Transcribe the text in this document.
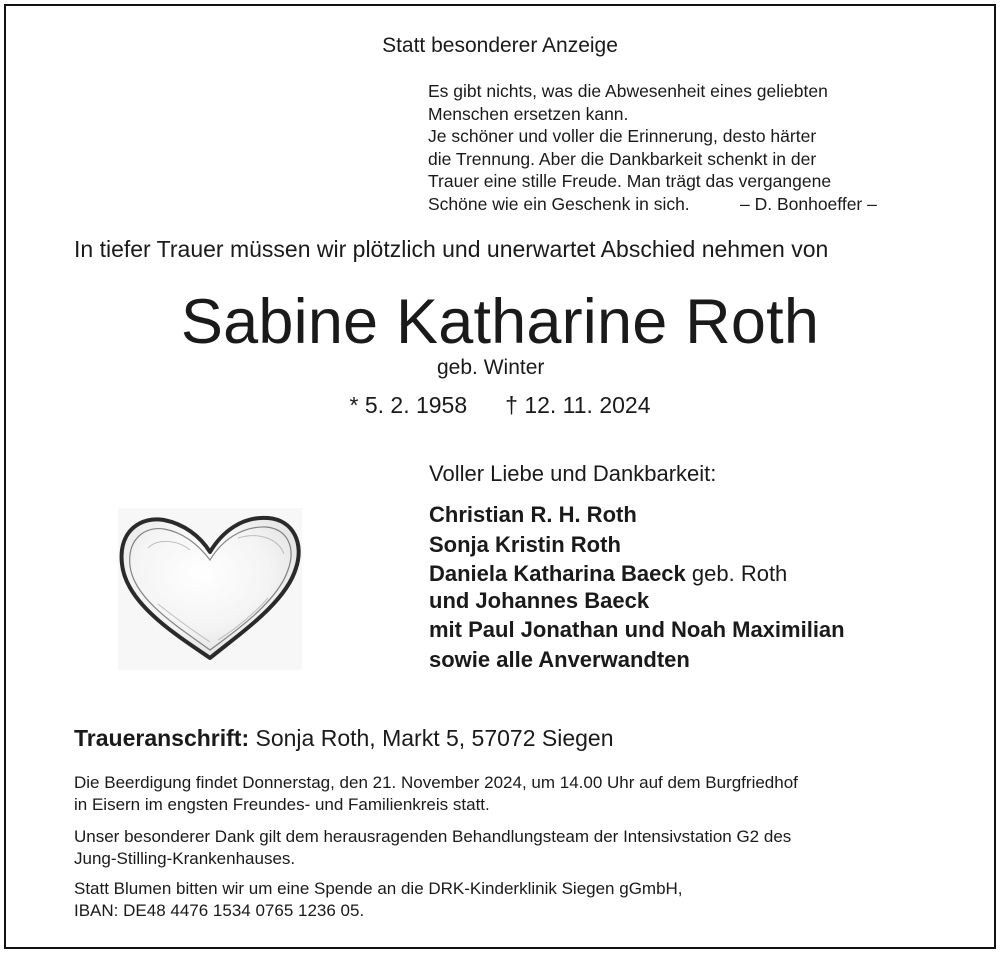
Statt besonderer Anzeige

Es gibt nichts, was die Abwesenheit eines geliebten
Menschen ersetzen kann.
Je schöner und voller die Erinnerung, desto härter
die Trennung. Aber die Dankbarkeit schenkt in der
Trauer eine stille Freude. Man trägt das vergangene
Schöne wie ein Geschenk in sich.	– D. Bonhoeffer –

In tiefer Trauer müssen wir plötzlich und unerwartet Abschied nehmen von

Sabine Katharine Roth

geb. Winter

* 5. 2. 1958 † 12. 11. 2024

Voller Liebe und Dankbarkeit:

Christian R. H. Roth
Sonja Kristin Roth
Daniela Katharina Baeck geb. Roth
und Johannes Baeck
mit Paul Jonathan und Noah Maximilian
sowie alle Anverwandten

Traueranschrift: Sonja Roth, Markt 5, 57072 Siegen

Die Beerdigung findet Donnerstag, den 21. November 2024, um 14.00 Uhr auf dem Burgfriedhof
in Eisern im engsten Freundes- und Familienkreis statt.
Unser besonderer Dank gilt dem herausragenden Behandlungsteam der Intensivstation G2 des
Jung-Stilling-Krankenhauses.
Statt Blumen bitten wir um eine Spende an die DRK-Kinderklinik Siegen gGmbH,
IBAN: DE48 4476 1534 0765 1236 05.
